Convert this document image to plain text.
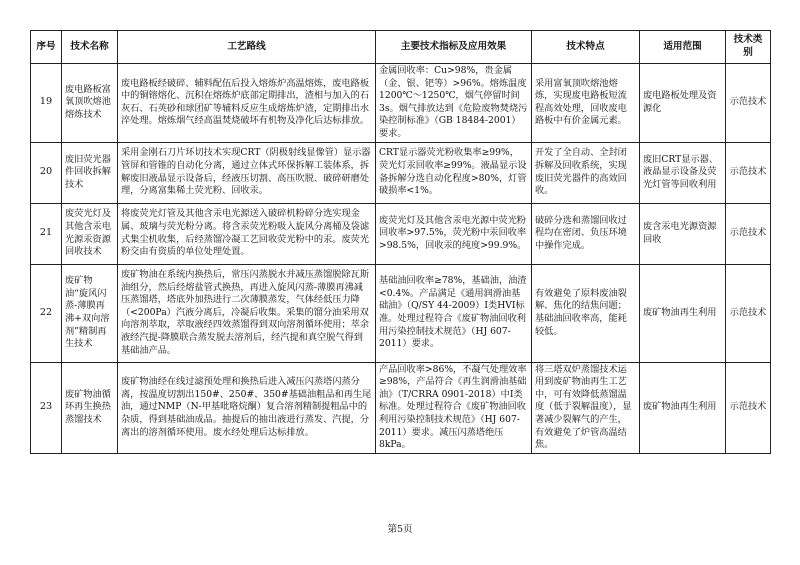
序号	技术名称	工艺路线	主要技术指标及应用效果	技术特点	适用范围	技术类别
19	废电路板富氧顶吹熔池熔炼技术	废电路板经破碎、辅料配伍后投入熔炼炉高温熔炼，废电路板中的铜镕熔化、沉积在熔炼炉底部定期排出，渣相与加入的石灰石、石英砂和球团矿等辅料反应生成熔炼炉渣，定期排出水淬处理。熔炼烟气经高温焚烧破坏有机物及净化后达标排放。	金属回收率：Cu>98%，贵金属（金、银、钯等）>96%。熔炼温度1200℃～1250℃，烟气停留时间3s。烟气排放达到《危险废物焚烧污染控制标准》（GB 18484-2001）要求。	采用富氧顶吹熔池熔炼，实现废电路板短流程高效处理，回收废电路板中有价金属元素。	废电路板处理及资源化	示范技术
20	废旧荧光器件回收拆解技术	采用金刚石刀片环切技术实现CRT（阴极射线显像管）显示器管屏和管锥的自动化分离，通过立体式环保拆解工装体系，拆解废旧液晶显示设备后，经液压切割、高压吹脱、破碎研磨处理，分离富集稀土荧光粉、回收汞。	CRT显示器荧光粉收集率≥99%，荧光灯汞回收率≥99%。液晶显示设备拆解分选自动化程度>80%，灯管破损率<1%。	开发了全自动、全封闭拆解及回收系统，实现废旧荧光器件的高效回收。	废旧CRT显示器、液晶显示设备及荧光灯管等回收利用	示范技术
21	废荧光灯及其他含汞电光源汞资源回收技术	将废荧光灯管及其他含汞电光源送入破碎机粉碎分选实现金属、玻璃与荧光粉分离。将含汞荧光粉吸入旋风分离桶及袋滤式集尘机收集，后经蒸馏冷凝工艺回收荧光粉中的汞。废荧光粉交由有资质的单位处理处置。	废荧光灯及其他含汞电光源中荧光粉回收率>97.5%，荧光粉中汞回收率>98.5%，回收汞的纯度>99.9%。	破碎分选和蒸馏回收过程均在密闭、负压环境中操作完成。	废含汞电光源资源回收	示范技术
22	废矿物油“旋风闪蒸-薄膜再沸+双向溶剂”精制再生技术	废矿物油在系统内换热后，常压闪蒸脱水并减压蒸馏脱除瓦斯油组分，然后经熔盐管式换热，再进入旋风闪蒸-薄膜再沸减压蒸馏塔，塔底外加热进行二次薄膜蒸发，气体经低压力降（<200Pa）汽液分离后，冷凝后收集。采集的馏分油采用双向溶剂萃取，萃取液经四效蒸馏得到双向溶剂循环使用；萃余液经汽提-降膜联合蒸发脱去溶剂后，经汽提和真空脱气得到基础油产品。	基础油回收率≥78%，基础油，油渣<0.4%。产品满足《通用润滑油基础油》（Q/SY 44-2009）Ⅰ类HVI标准。处理过程符合《废矿物油回收利用污染控制技术规范》（HJ 607-2011）要求。	有效避免了原料废油裂解、焦化的结焦问题；基础油回收率高，能耗较低。	废矿物油再生利用	示范技术
23	废矿物油循环再生换热蒸馏技术	废矿物油经在线过滤预处理和换热后进入减压闪蒸塔闪蒸分离，按温度切割出150#、250#、350#基础油粗品和再生尾油，通过NMP（N-甲基吡咯烷酮）复合溶剂精制提粗品中的杂质，得到基础油成品。抽提后的抽出液进行蒸发、汽提，分离出的溶剂循环使用。废水经处理后达标排放。	产品回收率>86%，不凝气处理效率≥98%，产品符合《再生润滑油基础油》（T/CRRA 0901-2018）中Ⅰ类标准。处理过程符合《废矿物油回收利用污染控制技术规范》（HJ 607-2011）要求。减压闪蒸塔绝压8kPa。	将三塔双炉蒸馏技术运用到废矿物油再生工艺中，可有效降低蒸馏温度（低于裂解温度），显著减少裂解气的产生，有效避免了炉管高温结焦。	废矿物油再生利用	示范技术
第5页
